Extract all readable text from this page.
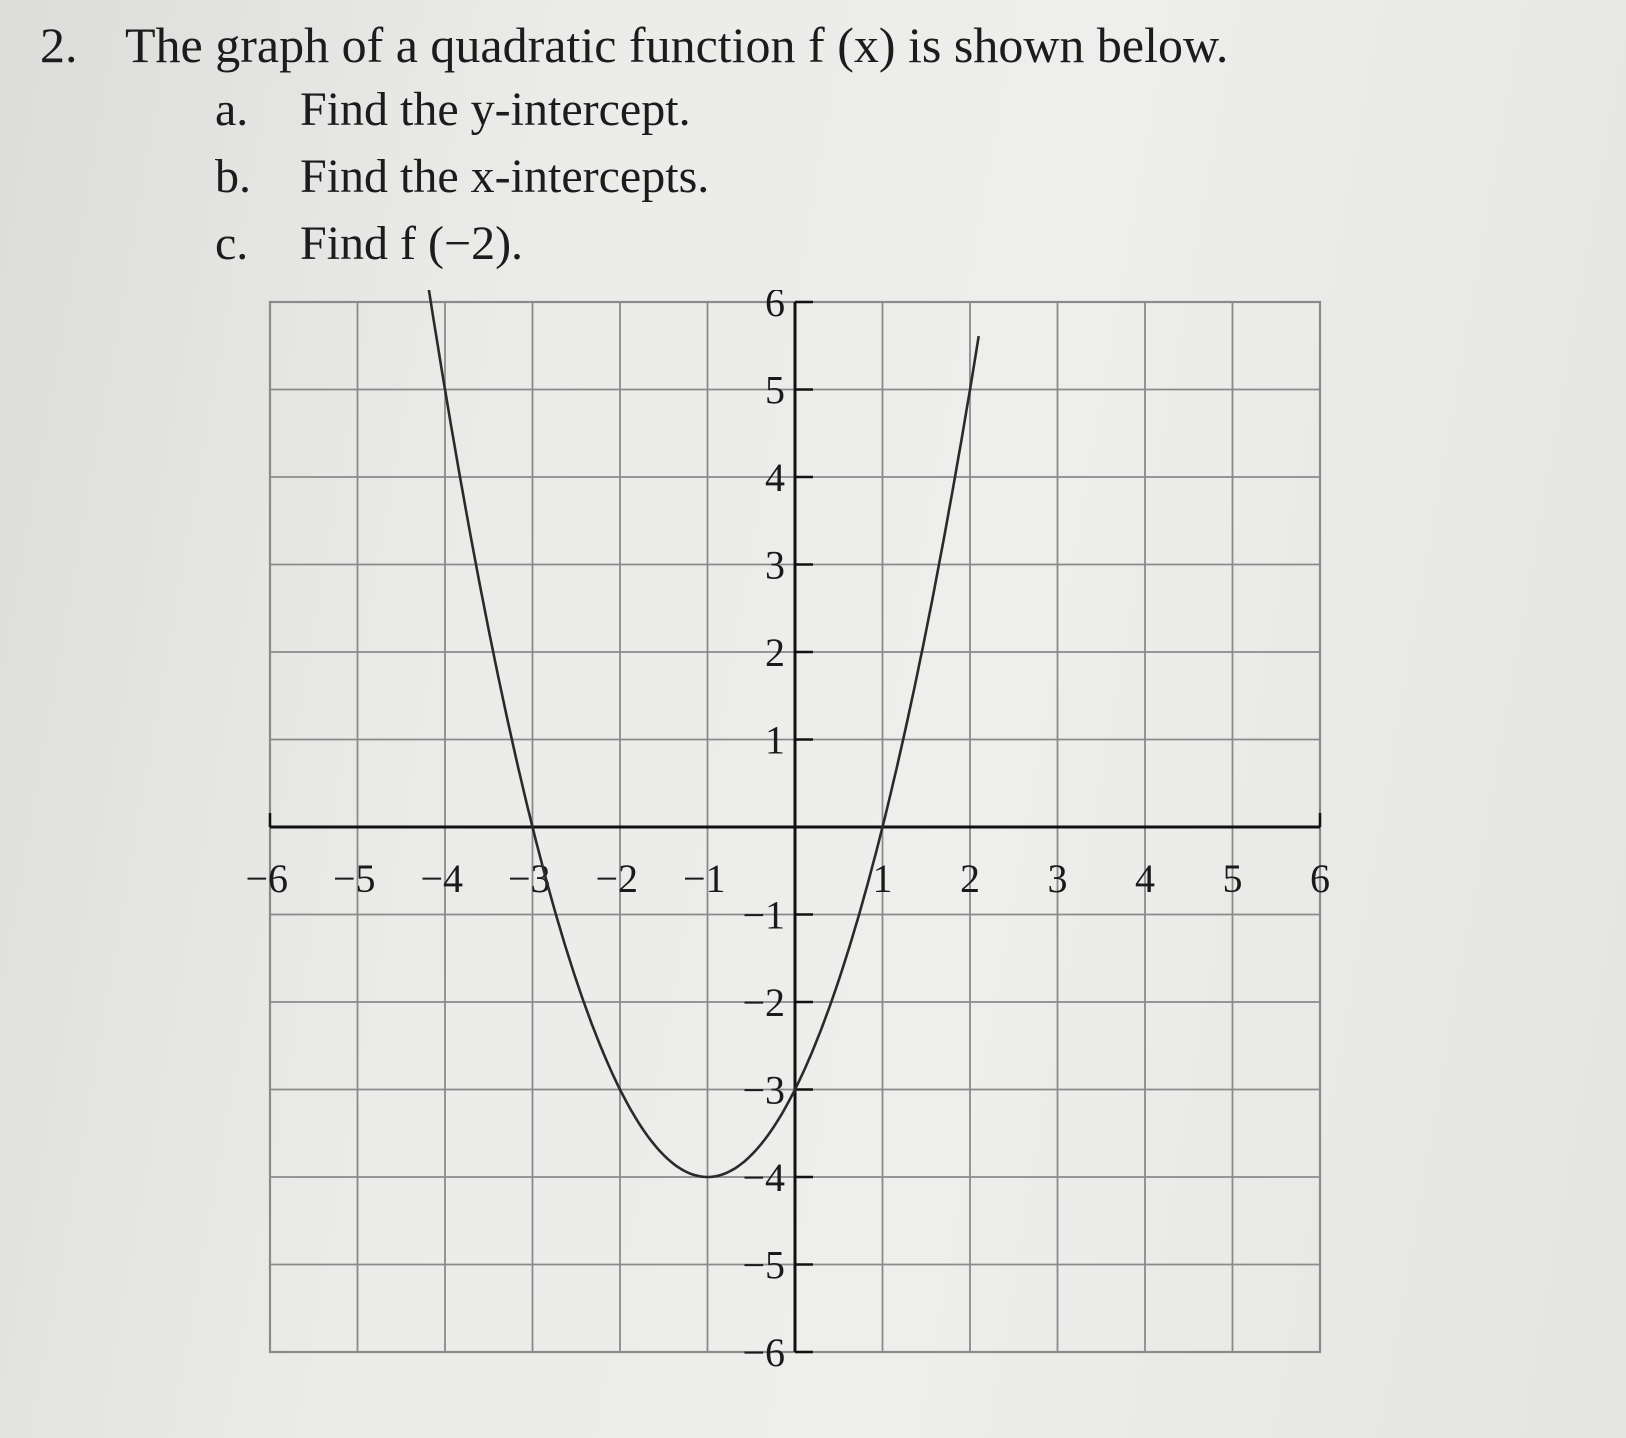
2. The graph of a quadratic function f (x) is shown below.
a.	Find the y-intercept.
b.	Find the x-intercepts.
c.	Find f (−2).
−6 −5 −4 −3 −2 −1	1 2 3 4 5 6
6
5
4
3
2
1
−1
−2
−3
−4
−5
−6
